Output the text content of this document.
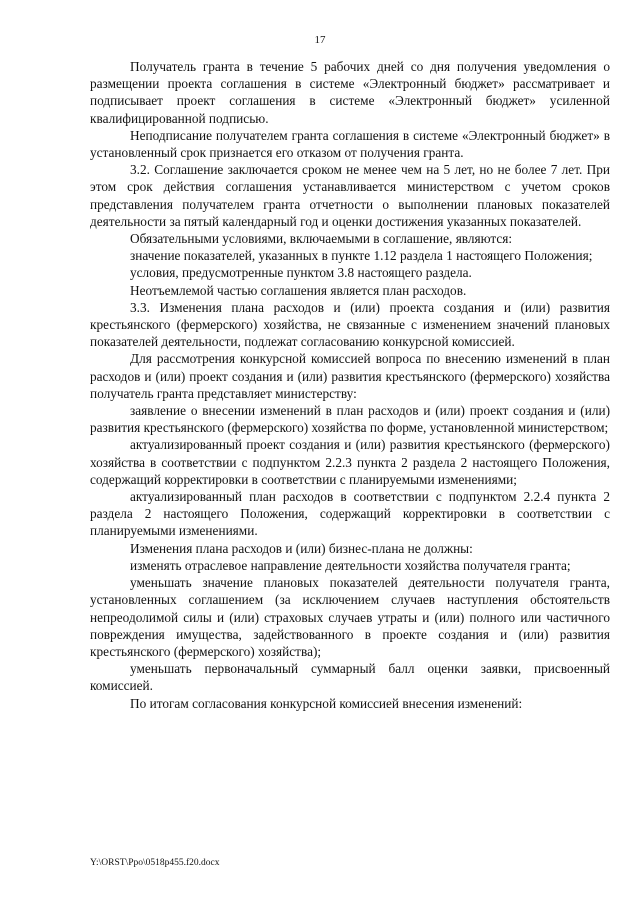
17

Получатель гранта в течение 5 рабочих дней со дня получения уведомления о размещении проекта соглашения в системе «Электронный бюджет» рассматривает и подписывает проект соглашения в системе «Электронный бюджет» усиленной квалифицированной подписью.

Неподписание получателем гранта соглашения в системе «Электронный бюджет» в установленный срок признается его отказом от получения гранта.

3.2. Соглашение заключается сроком не менее чем на 5 лет, но не более 7 лет. При этом срок действия соглашения устанавливается министерством с учетом сроков представления получателем гранта отчетности о выполнении плановых показателей деятельности за пятый календарный год и оценки достижения указанных показателей.

Обязательными условиями, включаемыми в соглашение, являются:

значение показателей, указанных в пункте 1.12 раздела 1 настоящего Положения;

условия, предусмотренные пунктом 3.8 настоящего раздела.

Неотъемлемой частью соглашения является план расходов.

3.3. Изменения плана расходов и (или) проекта создания и (или) развития крестьянского (фермерского) хозяйства, не связанные с изменением значений плановых показателей деятельности, подлежат согласованию конкурсной комиссией.

Для рассмотрения конкурсной комиссией вопроса по внесению изменений в план расходов и (или) проект создания и (или) развития крестьянского (фермерского) хозяйства получатель гранта представляет министерству:

заявление о внесении изменений в план расходов и (или) проект создания и (или) развития крестьянского (фермерского) хозяйства по форме, установленной министерством;

актуализированный проект создания и (или) развития крестьянского (фермерского) хозяйства в соответствии с подпунктом 2.2.3 пункта 2 раздела 2 настоящего Положения, содержащий корректировки в соответствии с планируемыми изменениями;

актуализированный план расходов в соответствии с подпунктом 2.2.4 пункта 2 раздела 2 настоящего Положения, содержащий корректировки в соответствии с планируемыми изменениями.

Изменения плана расходов и (или) бизнес-плана не должны:

изменять отраслевое направление деятельности хозяйства получателя гранта;

уменьшать значение плановых показателей деятельности получателя гранта, установленных соглашением (за исключением случаев наступления обстоятельств непреодолимой силы и (или) страховых случаев утраты и (или) полного или частичного повреждения имущества, задействованного в проекте создания и (или) развития крестьянского (фермерского) хозяйства);

уменьшать первоначальный суммарный балл оценки заявки, присвоенный комиссией.

По итогам согласования конкурсной комиссией внесения изменений:

Y:\ORST\Ppo\0518p455.f20.docx
